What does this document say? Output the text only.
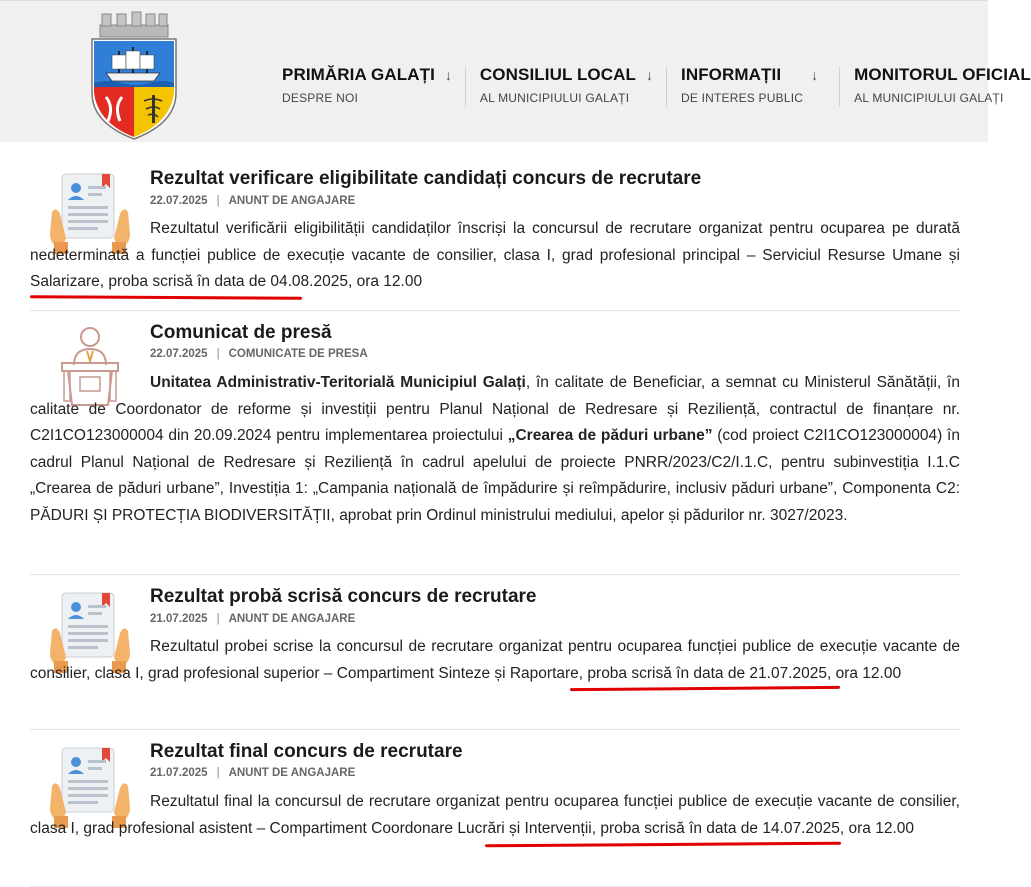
PRIMĂRIA GALAȚI ↓
DESPRE NOI
CONSILIUL LOCAL ↓
AL MUNICIPIULUI GALAȚI
INFORMAȚII ↓
DE INTERES PUBLIC
MONITORUL OFICIAL
AL MUNICIPIULUI GALAȚI
Rezultat verificare eligibilitate candidați concurs de recrutare
22.07.2025 | ANUNT DE ANGAJARE
Rezultatul verificării eligibilității candidaților înscriși la concursul de recrutare organizat pentru ocuparea pe durată nedeterminată a funcției publice de execuție vacante de consilier, clasa I, grad profesional principal – Serviciul Resurse Umane și Salarizare, proba scrisă în data de 04.08.2025, ora 12.00
Comunicat de presă
22.07.2025 | COMUNICATE DE PRESA
Unitatea Administrativ-Teritorială Municipiul Galați, în calitate de Beneficiar, a semnat cu Ministerul Sănătății, în calitate de Coordonator de reforme și investiții pentru Planul Național de Redresare și Reziliență, contractul de finanțare nr. C2I1CO123000004 din 20.09.2024 pentru implementarea proiectului „Crearea de păduri urbane” (cod proiect C2I1CO123000004) în cadrul Planul Național de Redresare și Reziliență în cadrul apelului de proiecte PNRR/2023/C2/I.1.C, pentru subinvestiția I.1.C „Crearea de păduri urbane”, Investiția 1: „Campania națională de împădurire și reîmpădurire, inclusiv păduri urbane”, Componenta C2: PĂDURI ȘI PROTECȚIA BIODIVERSITĂȚII, aprobat prin Ordinul ministrului mediului, apelor și pădurilor nr. 3027/2023.
Rezultat probă scrisă concurs de recrutare
21.07.2025 | ANUNT DE ANGAJARE
Rezultatul probei scrise la concursul de recrutare organizat pentru ocuparea funcției publice de execuție vacante de consilier, clasa I, grad profesional superior – Compartiment Sinteze și Raportare, proba scrisă în data de 21.07.2025, ora 12.00
Rezultat final concurs de recrutare
21.07.2025 | ANUNT DE ANGAJARE
Rezultatul final la concursul de recrutare organizat pentru ocuparea funcției publice de execuție vacante de consilier, clasa I, grad profesional asistent – Compartiment Coordonare Lucrări și Intervenții, proba scrisă în data de 14.07.2025, ora 12.00
